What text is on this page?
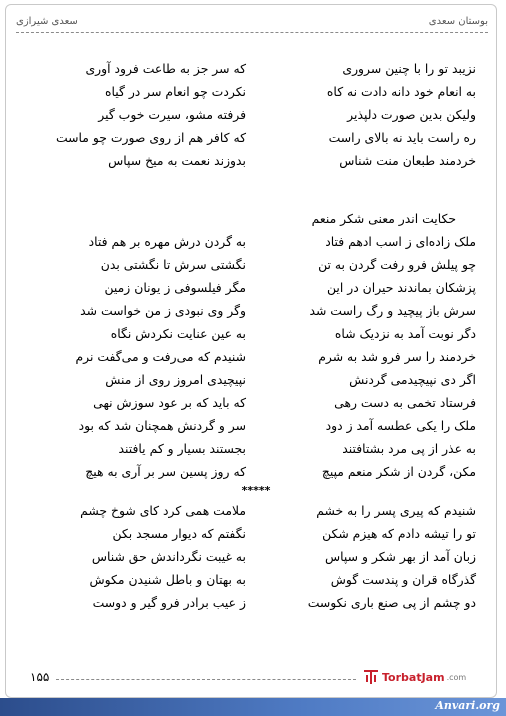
بوستان سعدی
سعدی شیرازی
نزیبد تو را با چنین سروری
که سر جز به طاعت فرود آوری
به انعام خود دانه دادت نه کاه
نکردت چو انعام سر در گیاه
ولیکن بدین صورت دلپذیر
فرفته مشو، سیرت خوب گیر
ره راست باید نه بالای راست
که کافر هم از روی صورت چو ماست
خردمند طبعان منت شناس
بدوزند نعمت به میخ سپاس
حکایت اندر معنی شکر منعم
ملک زاده‌ای ز اسب ادهم فتاد
به گردن درش مهره بر هم فتاد
چو پیلش فرو رفت گردن به تن
نگشتی سرش تا نگشتی بدن
پزشکان بماندند حیران در این
مگر فیلسوفی ز یونان زمین
سرش باز پیچید و رگ راست شد
وگر وی نبودی ز من خواست شد
دگر نوبت آمد به نزدیک شاه
به عین عنایت نکردش نگاه
خردمند را سر فرو شد به شرم
شنیدم که می‌رفت و می‌گفت نرم
اگر دی نپیچیدمی گردنش
نپیچیدی امروز روی از منش
فرستاد تخمی به دست رهی
که باید که بر عود سوزش نهی
ملک را یکی عطسه آمد ز دود
سر و گردنش همچنان شد که بود
به عذر از پی مرد بشتافتند
بجستند بسیار و کم یافتند
مکن، گردن از شکر منعم مپیچ
که روز پسین سر بر آری به هیچ
*****
شنیدم که پیری پسر را به خشم
ملامت همی کرد کای شوخ چشم
تو را تیشه دادم که هیزم شکن
نگفتم که دیوار مسجد بکن
زبان آمد از بهر شکر و سپاس
به غیبت نگرداندش حق شناس
گذرگاه قران و پندست گوش
به بهتان و باطل شنیدن مکوش
دو چشم از پی صنع باری نکوست
ز عیب برادر فرو گیر و دوست
۱۵۵	TorbatJam .com
Anvari.org
